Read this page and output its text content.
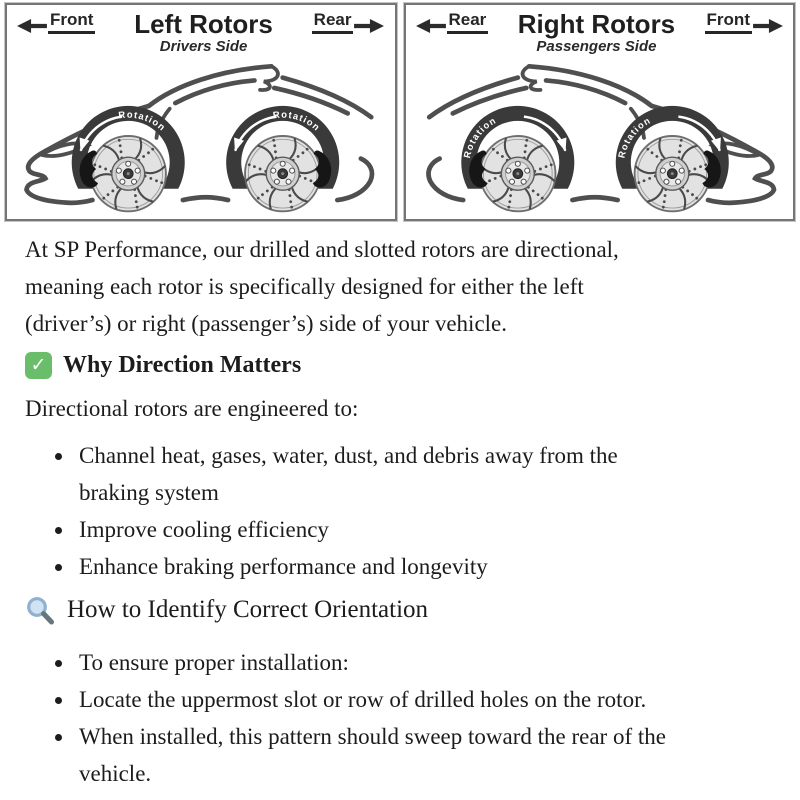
Front Left Rotors
Drivers Side
Rear
Rotation
Rotation
Rear Right Rotors
Passengers Side
Front
Rotation
Rotation

At SP Performance, our drilled and slotted rotors are directional,
meaning each rotor is specifically designed for either the left
(driver’s) or right (passenger’s) side of your vehicle.

✓ Why Direction Matters

Directional rotors are engineered to:

• Channel heat, gases, water, dust, and debris away from the
braking system
• Improve cooling efficiency
• Enhance braking performance and longevity
How to Identify Correct Orientation
• To ensure proper installation:
• Locate the uppermost slot or row of drilled holes on the rotor.
• When installed, this pattern should sweep toward the rear of the
vehicle.
